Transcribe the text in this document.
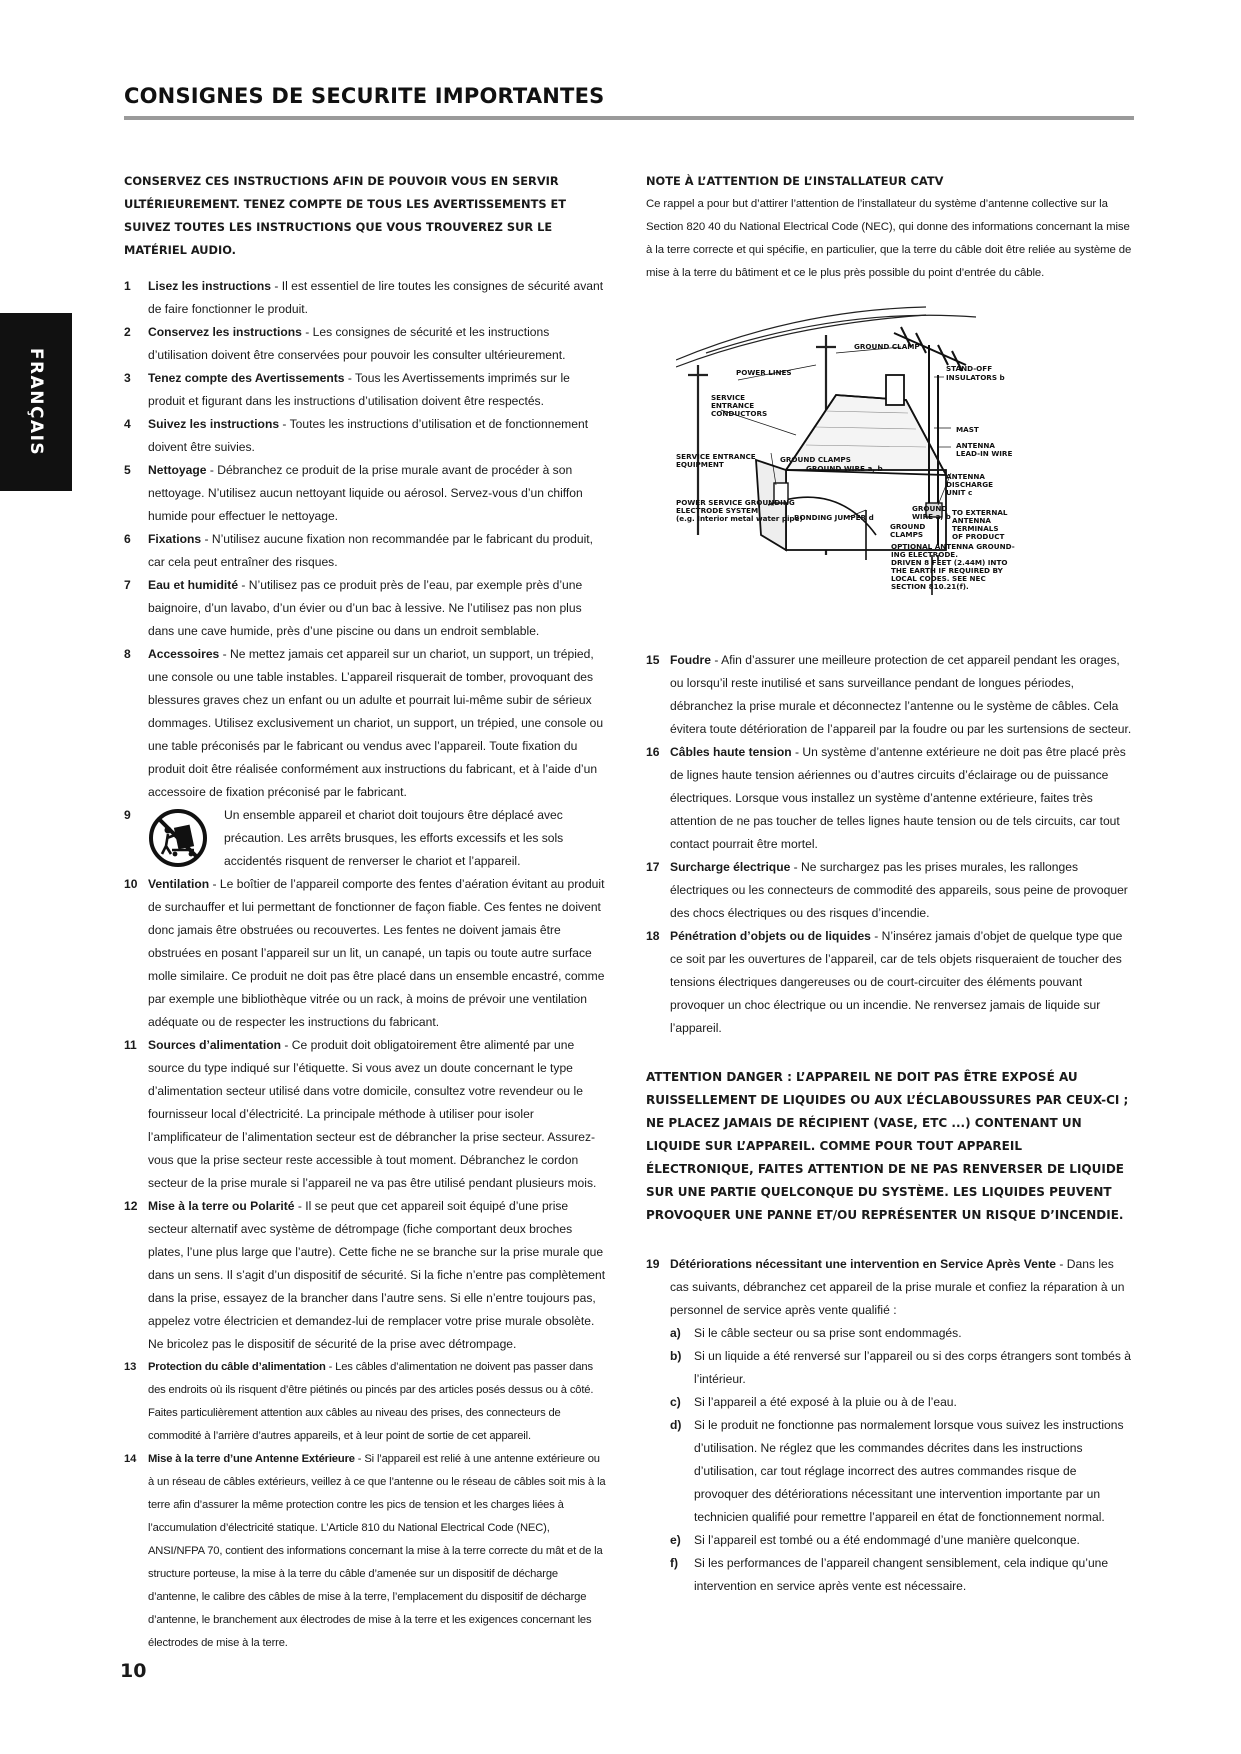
CONSIGNES DE SECURITE IMPORTANTES
FRANÇAIS
CONSERVEZ CES INSTRUCTIONS AFIN DE POUVOIR VOUS EN SERVIR ULTÉRIEUREMENT. TENEZ COMPTE DE TOUS LES AVERTISSEMENTS ET SUIVEZ TOUTES LES INSTRUCTIONS QUE VOUS TROUVEREZ SUR LE MATÉRIEL AUDIO.
1 Lisez les instructions - Il est essentiel de lire toutes les consignes de sécurité avant de faire fonctionner le produit.
2 Conservez les instructions - Les consignes de sécurité et les instructions d’utilisation doivent être conservées pour pouvoir les consulter ultérieurement.
3 Tenez compte des Avertissements - Tous les Avertissements imprimés sur le produit et figurant dans les instructions d’utilisation doivent être respectés.
4 Suivez les instructions - Toutes les instructions d’utilisation et de fonctionnement doivent être suivies.
5 Nettoyage - Débranchez ce produit de la prise murale avant de procéder à son nettoyage. N’utilisez aucun nettoyant liquide ou aérosol. Servez-vous d’un chiffon humide pour effectuer le nettoyage.
6 Fixations - N’utilisez aucune fixation non recommandée par le fabricant du produit, car cela peut entraîner des risques.
7 Eau et humidité - N’utilisez pas ce produit près de l’eau, par exemple près d’une baignoire, d’un lavabo, d’un évier ou d’un bac à lessive. Ne l’utilisez pas non plus dans une cave humide, près d’une piscine ou dans un endroit semblable.
8 Accessoires - Ne mettez jamais cet appareil sur un chariot, un support, un trépied, une console ou une table instables. L’appareil risquerait de tomber, provoquant des blessures graves chez un enfant ou un adulte et pourrait lui-même subir de sérieux dommages. Utilisez exclusivement un chariot, un support, un trépied, une console ou une table préconisés par le fabricant ou vendus avec l’appareil. Toute fixation du produit doit être réalisée conformément aux instructions du fabricant, et à l’aide d’un accessoire de fixation préconisé par le fabricant.
9	Un ensemble appareil et chariot doit toujours être déplacé avec précaution. Les arrêts brusques, les efforts excessifs et les sols accidentés risquent de renverser le chariot et l’appareil.
10 Ventilation - Le boîtier de l’appareil comporte des fentes d’aération évitant au produit de surchauffer et lui permettant de fonctionner de façon fiable. Ces fentes ne doivent donc jamais être obstruées ou recouvertes. Les fentes ne doivent jamais être obstruées en posant l’appareil sur un lit, un canapé, un tapis ou toute autre surface molle similaire. Ce produit ne doit pas être placé dans un ensemble encastré, comme par exemple une bibliothèque vitrée ou un rack, à moins de prévoir une ventilation adéquate ou de respecter les instructions du fabricant.
11 Sources d’alimentation - Ce produit doit obligatoirement être alimenté par une source du type indiqué sur l’étiquette. Si vous avez un doute concernant le type d’alimentation secteur utilisé dans votre domicile, consultez votre revendeur ou le fournisseur local d’électricité. La principale méthode à utiliser pour isoler l’amplificateur de l’alimentation secteur est de débrancher la prise secteur. Assurez-vous que la prise secteur reste accessible à tout moment. Débranchez le cordon secteur de la prise murale si l’appareil ne va pas être utilisé pendant plusieurs mois.
12 Mise à la terre ou Polarité - Il se peut que cet appareil soit équipé d’une prise secteur alternatif avec système de détrompage (fiche comportant deux broches plates, l’une plus large que l’autre). Cette fiche ne se branche sur la prise murale que dans un sens. Il s’agit d’un dispositif de sécurité. Si la fiche n’entre pas complètement dans la prise, essayez de la brancher dans l’autre sens. Si elle n’entre toujours pas, appelez votre électricien et demandez-lui de remplacer votre prise murale obsolète. Ne bricolez pas le dispositif de sécurité de la prise avec détrompage.
13 Protection du câble d’alimentation - Les câbles d’alimentation ne doivent pas passer dans des endroits où ils risquent d’être piétinés ou pincés par des articles posés dessus ou à côté. Faites particulièrement attention aux câbles au niveau des prises, des connecteurs de commodité à l’arrière d’autres appareils, et à leur point de sortie de cet appareil.
14 Mise à la terre d’une Antenne Extérieure - Si l’appareil est relié à une antenne extérieure ou à un réseau de câbles extérieurs, veillez à ce que l’antenne ou le réseau de câbles soit mis à la terre afin d’assurer la même protection contre les pics de tension et les charges liées à l’accumulation d’électricité statique. L’Article 810 du National Electrical Code (NEC), ANSI/NFPA 70, contient des informations concernant la mise à la terre correcte du mât et de la structure porteuse, la mise à la terre du câble d’amenée sur un dispositif de décharge d’antenne, le calibre des câbles de mise à la terre, l’emplacement du dispositif de décharge d’antenne, le branchement aux électrodes de mise à la terre et les exigences concernant les électrodes de mise à la terre.
NOTE À L’ATTENTION DE L’INSTALLATEUR CATV
Ce rappel a pour but d’attirer l’attention de l’installateur du système d’antenne collective sur la Section 820 40 du National Electrical Code (NEC), qui donne des informations concernant la mise à la terre correcte et qui spécifie, en particulier, que la terre du câble doit être reliée au système de mise à la terre du bâtiment et ce le plus près possible du point d’entrée du câble.
GROUND CLAMP
POWER LINES	STAND-OFF
INSULATORS b
SERVICE
ENTRANCE
CONDUCTORS
MAST
ANTENNA
LEAD-IN WIRE
SERVICE ENTRANCE
EQUIPMENT
GROUND CLAMPS
GROUND WIRE a, b
ANTENNA
DISCHARGE
UNIT c
POWER SERVICE GROUNDING
ELECTRODE SYSTEM
(e.g. Interior metal water pipe)
BONDING JUMPER d
GROUND
WIRE a, b TO EXTERNAL
ANTENNA
TERMINALS
OF PRODUCT
GROUND
CLAMPS
OPTIONAL ANTENNA GROUND-
ING ELECTRODE.
DRIVEN 8 FEET (2.44M) INTO
THE EARTH IF REQUIRED BY
LOCAL CODES. SEE NEC
SECTION 810.21(f).
15 Foudre - Afin d’assurer une meilleure protection de cet appareil pendant les orages, ou lorsqu’il reste inutilisé et sans surveillance pendant de longues périodes, débranchez la prise murale et déconnectez l’antenne ou le système de câbles. Cela évitera toute détérioration de l’appareil par la foudre ou par les surtensions de secteur.
16 Câbles haute tension - Un système d’antenne extérieure ne doit pas être placé près de lignes haute tension aériennes ou d’autres circuits d’éclairage ou de puissance électriques. Lorsque vous installez un système d’antenne extérieure, faites très attention de ne pas toucher de telles lignes haute tension ou de tels circuits, car tout contact pourrait être mortel.
17 Surcharge électrique - Ne surchargez pas les prises murales, les rallonges électriques ou les connecteurs de commodité des appareils, sous peine de provoquer des chocs électriques ou des risques d’incendie.
18 Pénétration d’objets ou de liquides - N’insérez jamais d’objet de quelque type que ce soit par les ouvertures de l’appareil, car de tels objets risqueraient de toucher des tensions électriques dangereuses ou de court-circuiter des éléments pouvant provoquer un choc électrique ou un incendie. Ne renversez jamais de liquide sur l’appareil.
ATTENTION DANGER : L’APPAREIL NE DOIT PAS ÊTRE EXPOSÉ AU RUISSELLEMENT DE LIQUIDES OU AUX L’ÉCLABOUSSURES PAR CEUX-CI ; NE PLACEZ JAMAIS DE RÉCIPIENT (VASE, ETC ...) CONTENANT UN LIQUIDE SUR L’APPAREIL. COMME POUR TOUT APPAREIL ÉLECTRONIQUE, FAITES ATTENTION DE NE PAS RENVERSER DE LIQUIDE SUR UNE PARTIE QUELCONQUE DU SYSTÈME. LES LIQUIDES PEUVENT PROVOQUER UNE PANNE ET/OU REPRÉSENTER UN RISQUE D’INCENDIE.
19 Détériorations nécessitant une intervention en Service Après Vente - Dans les cas suivants, débranchez cet appareil de la prise murale et confiez la réparation à un personnel de service après vente qualifié :
a) Si le câble secteur ou sa prise sont endommagés.
b) Si un liquide a été renversé sur l’appareil ou si des corps étrangers sont tombés à l’intérieur.
c) Si l’appareil a été exposé à la pluie ou à de l’eau.
d) Si le produit ne fonctionne pas normalement lorsque vous suivez les instructions d’utilisation. Ne réglez que les commandes décrites dans les instructions d’utilisation, car tout réglage incorrect des autres commandes risque de provoquer des détériorations nécessitant une intervention importante par un technicien qualifié pour remettre l’appareil en état de fonctionnement normal.
e) Si l’appareil est tombé ou a été endommagé d’une manière quelconque.
f) Si les performances de l’appareil changent sensiblement, cela indique qu’une intervention en service après vente est nécessaire.
10
